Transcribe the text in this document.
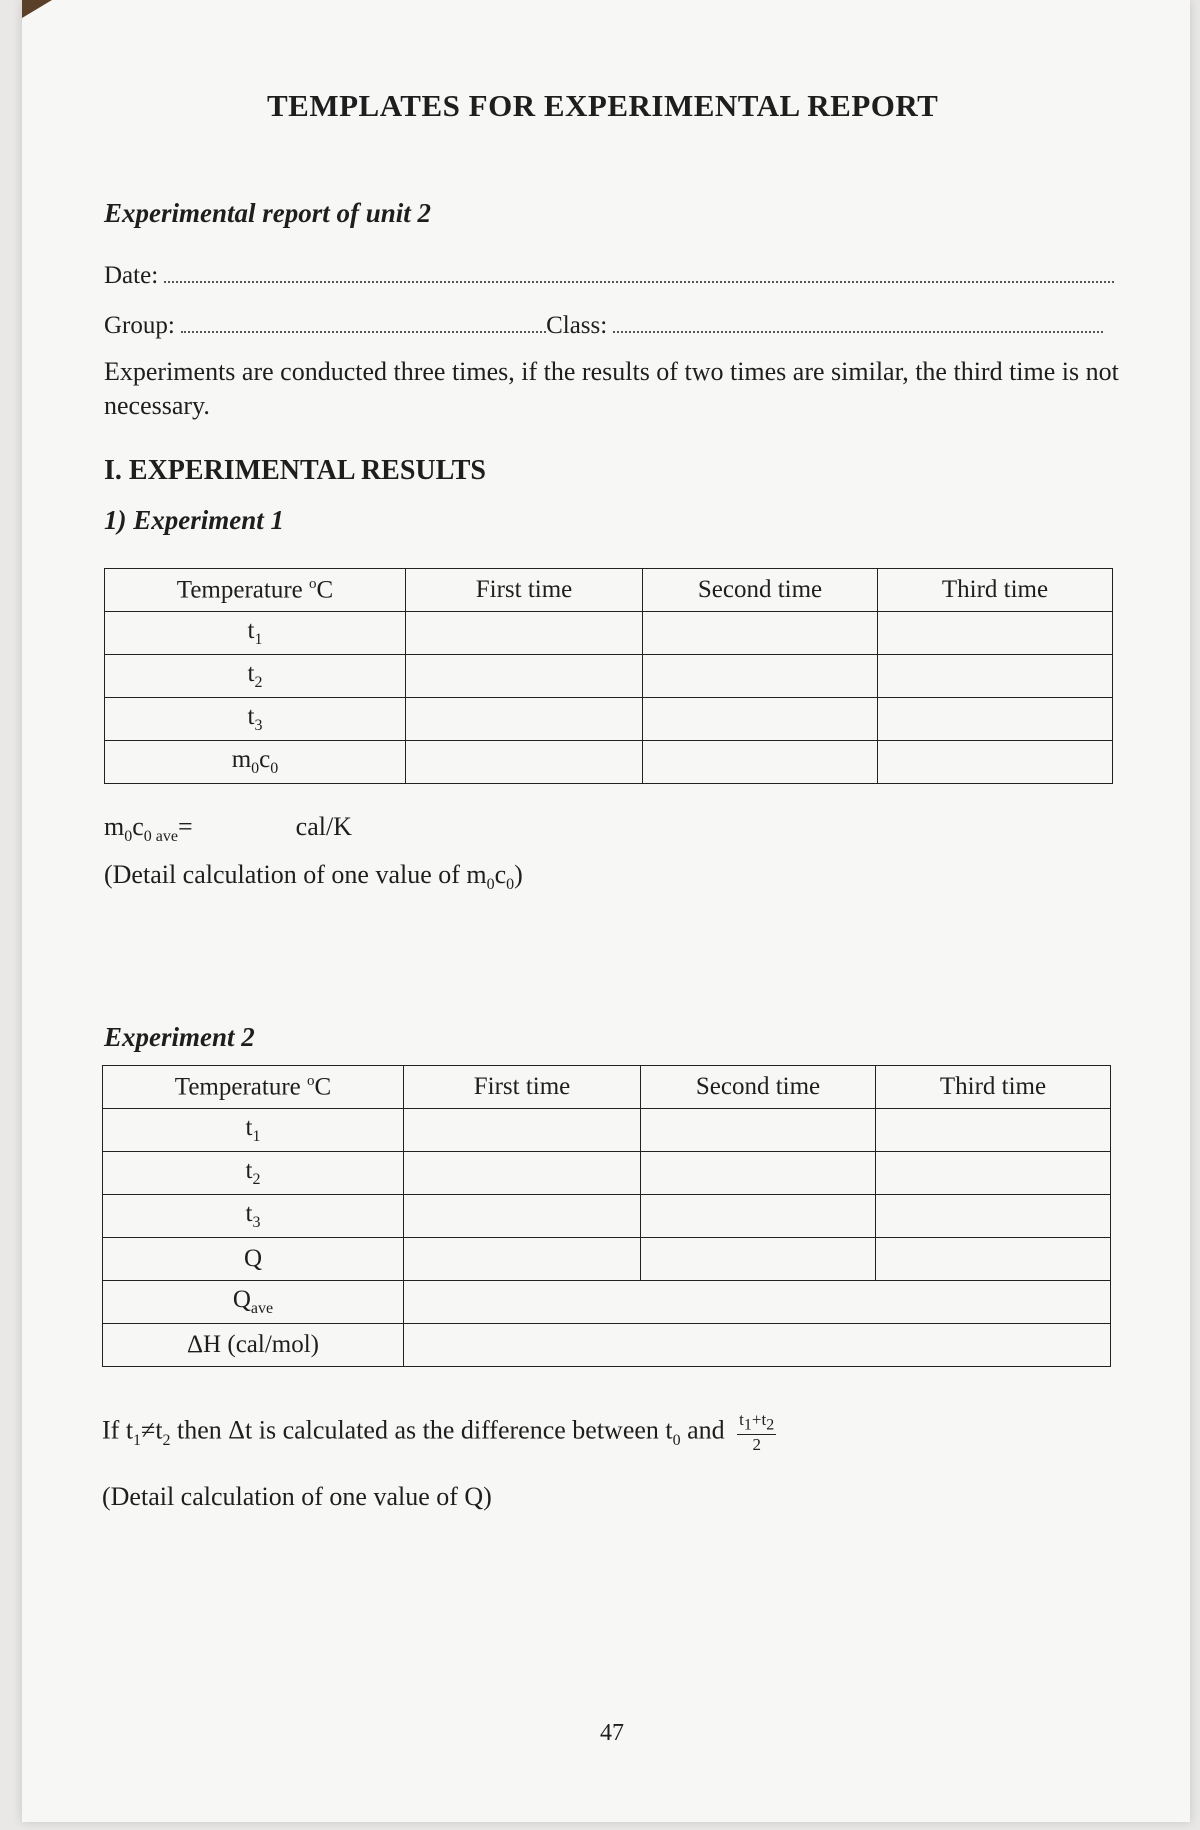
TEMPLATES FOR EXPERIMENTAL REPORT
Experimental report of unit 2
Date:
Group:	Class:
Experiments are conducted three times, if the results of two times are similar, the third time is not necessary.
I. EXPERIMENTAL RESULTS
1) Experiment 1
Temperature $^o$C	First time	Second time	Third time
$t_1$			
$t_2$			
$t_3$			
$m_0c_0$			
$m_0c_{0 ave}=$	cal/K
(Detail calculation of one value of $m_0c_0$)
Experiment 2
Temperature $^o$C	First time	Second time	Third time
$t_1$			
$t_2$			
$t_3$			
Q			
$Q_{ave}$	
ΔH (cal/mol)			
If $t_1\ne t_2$ then Δt is calculated as the difference between $t_0$ and $\frac{t_1+t_2}{2}$
(Detail calculation of one value of Q)
47
